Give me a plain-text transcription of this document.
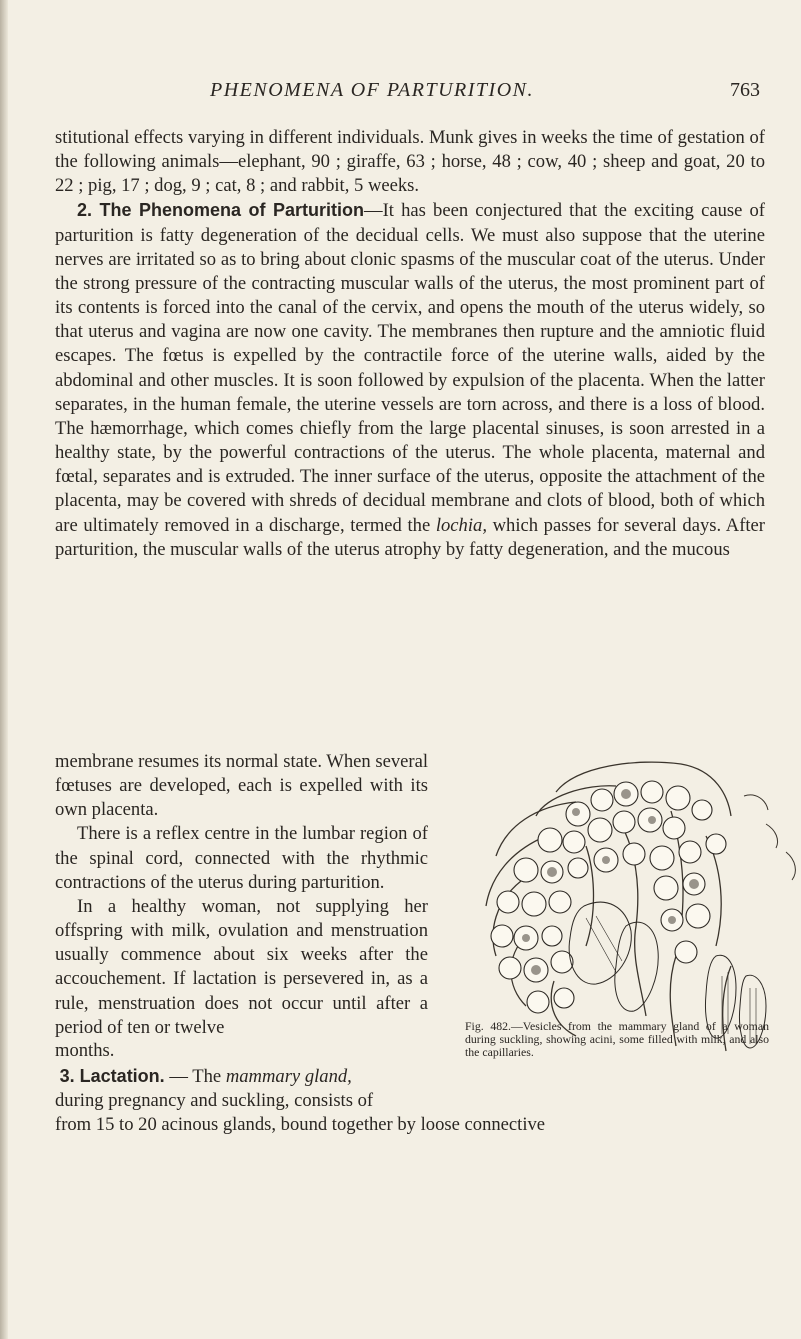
PHENOMENA OF PARTURITION.	763

stitutional effects varying in different individuals. Munk gives in weeks the time of gestation of the following animals—elephant, 90 ; giraffe, 63 ; horse, 48 ; cow, 40 ; sheep and goat, 20 to 22 ; pig, 17 ; dog, 9 ; cat, 8 ; and rabbit, 5 weeks.

2. The Phenomena of Parturition—It has been conjectured that the exciting cause of parturition is fatty degeneration of the decidual cells. We must also suppose that the uterine nerves are irritated so as to bring about clonic spasms of the muscular coat of the uterus. Under the strong pressure of the contracting muscular walls of the uterus, the most prominent part of its contents is forced into the canal of the cervix, and opens the mouth of the uterus widely, so that uterus and vagina are now one cavity. The membranes then rupture and the amniotic fluid escapes. The fœtus is expelled by the contractile force of the uterine walls, aided by the abdominal and other muscles. It is soon followed by expulsion of the placenta. When the latter separates, in the human female, the uterine vessels are torn across, and there is a loss of blood. The hæmorrhage, which comes chiefly from the large placental sinuses, is soon arrested in a healthy state, by the powerful contractions of the uterus. The whole placenta, maternal and fœtal, separates and is extruded. The inner surface of the uterus, opposite the attachment of the placenta, may be covered with shreds of decidual membrane and clots of blood, both of which are ultimately removed in a discharge, termed the lochia, which passes for several days. After parturition, the muscular walls of the uterus atrophy by fatty degeneration, and the mucous

membrane resumes its normal state. When several fœtuses are developed, each is expelled with its own placenta.

There is a reflex centre in the lumbar region of the spinal cord, connected with the rhythmic contractions of the uterus during parturition.

In a healthy woman, not supplying her offspring with milk, ovulation and menstruation usually commence about six weeks after the accouchement. If lactation is persevered in, as a rule, menstruation does not occur until after a period of ten or twelve	Fig. 482.—Vesicles from the mammary gland of a woman during suckling, showing acini, some filled with milk, and also the capillaries.
months.

3. Lactation. — The mammary gland,

during pregnancy and suckling, consists of

from 15 to 20 acinous glands, bound together by loose connective
